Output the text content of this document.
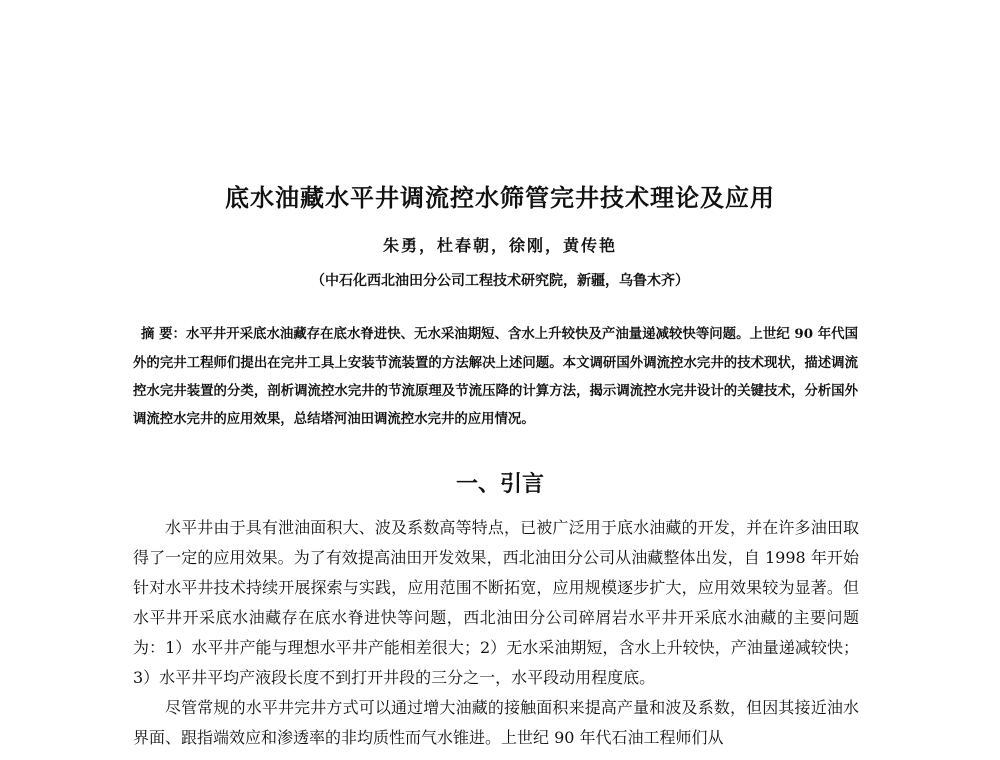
底水油藏水平井调流控水筛管完井技术理论及应用
朱勇，杜春朝，徐刚，黄传艳
（中石化西北油田分公司工程技术研究院，新疆，乌鲁木齐）
摘 要：水平井开采底水油藏存在底水脊进快、无水采油期短、含水上升较快及产油量递减较快等问题。上世纪 90 年代国外的完井工程师们提出在完井工具上安装节流装置的方法解决上述问题。本文调研国外调流控水完井的技术现状，描述调流控水完井装置的分类，剖析调流控水完井的节流原理及节流压降的计算方法，揭示调流控水完井设计的关键技术，分析国外调流控水完井的应用效果，总结塔河油田调流控水完井的应用情况。
一、引言

水平井由于具有泄油面积大、波及系数高等特点，已被广泛用于底水油藏的开发，并在许多油田取得了一定的应用效果。为了有效提高油田开发效果，西北油田分公司从油藏整体出发，自 1998 年开始针对水平井技术持续开展探索与实践，应用范围不断拓宽，应用规模逐步扩大，应用效果较为显著。但水平井开采底水油藏存在底水脊进快等问题，西北油田分公司碎屑岩水平井开采底水油藏的主要问题为：1）水平井产能与理想水平井产能相差很大；2）无水采油期短，含水上升较快，产油量递减较快； 3）水平井平均产液段长度不到打开井段的三分之一，水平段动用程度底。

尽管常规的水平井完井方式可以通过增大油藏的接触面积来提高产量和波及系数，但因其接近油水界面、跟指端效应和渗透率的非均质性而气水锥进。上世纪 90 年代石油工程师们从
